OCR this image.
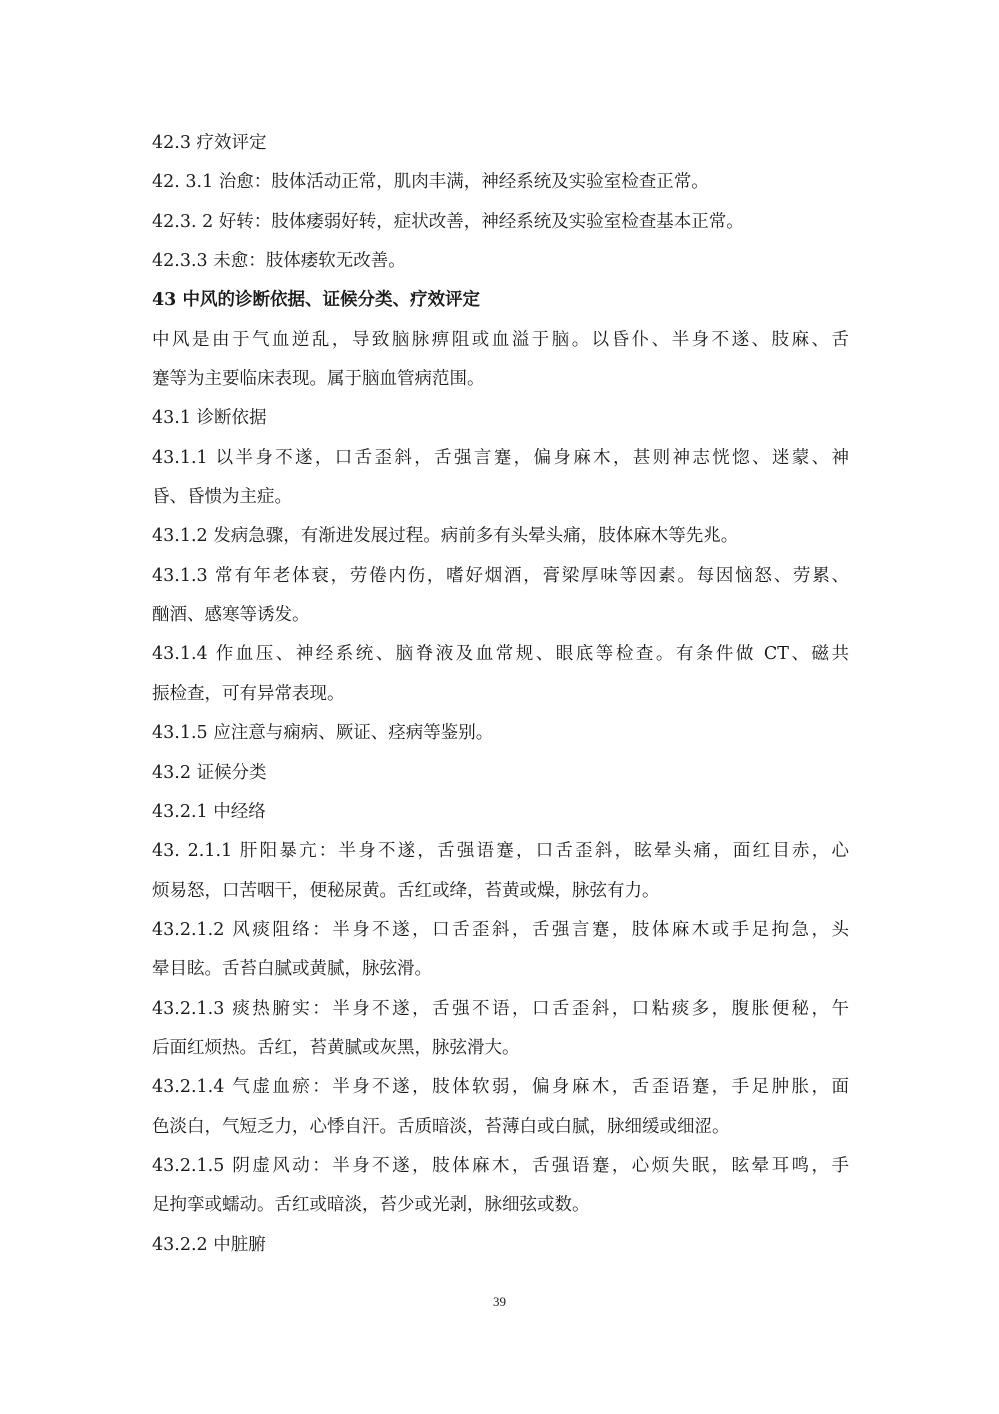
42.3 疗效评定
42. 3.1 治愈：肢体活动正常，肌肉丰满，神经系统及实验室检查正常。
42.3. 2 好转：肢体痿弱好转，症状改善，神经系统及实验室检查基本正常。
42.3.3 未愈：肢体痿软无改善。
43 中风的诊断依据、证候分类、疗效评定
中风是由于气血逆乱，导致脑脉痹阻或血溢于脑。以昏仆、半身不遂、肢麻、舌
蹇等为主要临床表现。属于脑血管病范围。
43.1 诊断依据
43.1.1 以半身不遂，口舌歪斜，舌强言蹇，偏身麻木，甚则神志恍惚、迷蒙、神
昏、昏愦为主症。
43.1.2 发病急骤，有渐进发展过程。病前多有头晕头痛，肢体麻木等先兆。
43.1.3 常有年老体衰，劳倦内伤，嗜好烟酒，膏梁厚味等因素。每因恼怒、劳累、
酗酒、感寒等诱发。
43.1.4 作血压、神经系统、脑脊液及血常规、眼底等检查。有条件做 CT、磁共
振检查，可有异常表现。
43.1.5 应注意与痫病、厥证、痉病等鉴别。
43.2 证候分类
43.2.1 中经络
43. 2.1.1 肝阳暴亢：半身不遂，舌强语蹇，口舌歪斜，眩晕头痛，面红目赤，心
烦易怒，口苦咽干，便秘尿黄。舌红或绛，苔黄或燥，脉弦有力。
43.2.1.2 风痰阻络：半身不遂，口舌歪斜，舌强言蹇，肢体麻木或手足拘急，头
晕目眩。舌苔白腻或黄腻，脉弦滑。
43.2.1.3 痰热腑实：半身不遂，舌强不语，口舌歪斜，口粘痰多，腹胀便秘，午
后面红烦热。舌红，苔黄腻或灰黑，脉弦滑大。
43.2.1.4 气虚血瘀：半身不遂，肢体软弱，偏身麻木，舌歪语蹇，手足肿胀，面
色淡白，气短乏力，心悸自汗。舌质暗淡，苔薄白或白腻，脉细缓或细涩。
43.2.1.5 阴虚风动：半身不遂，肢体麻木，舌强语蹇，心烦失眠，眩晕耳鸣，手
足拘挛或蠕动。舌红或暗淡，苔少或光剥，脉细弦或数。
43.2.2 中脏腑
39
